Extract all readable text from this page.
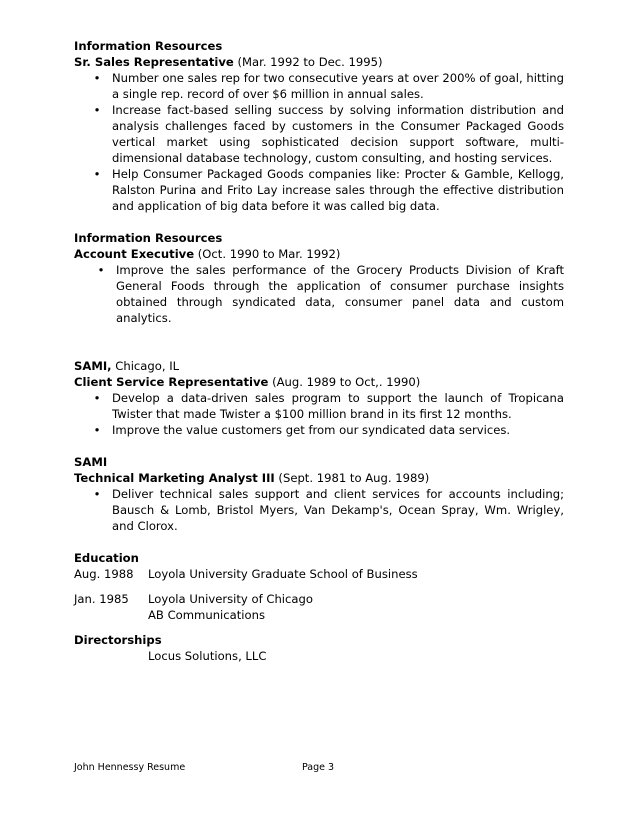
Information Resources
Sr. Sales Representative (Mar. 1992 to Dec. 1995)
• Number one sales rep for two consecutive years at over 200% of goal, hitting a single rep. record of over $6 million in annual sales.
• Increase fact-based selling success by solving information distribution and analysis challenges faced by customers in the Consumer Packaged Goods vertical market using sophisticated decision support software, multi-dimensional database technology, custom consulting, and hosting services.
• Help Consumer Packaged Goods companies like: Procter & Gamble, Kellogg, Ralston Purina and Frito Lay increase sales through the effective distribution and application of big data before it was called big data.
Information Resources
Account Executive (Oct. 1990 to Mar. 1992)
• Improve the sales performance of the Grocery Products Division of Kraft General Foods through the application of consumer purchase insights obtained through syndicated data, consumer panel data and custom analytics.
SAMI, Chicago, IL
Client Service Representative (Aug. 1989 to Oct,. 1990)
• Develop a data-driven sales program to support the launch of Tropicana Twister that made Twister a $100 million brand in its first 12 months.
• Improve the value customers get from our syndicated data services.
SAMI
Technical Marketing Analyst III (Sept. 1981 to Aug. 1989)
• Deliver technical sales support and client services for accounts including; Bausch & Lomb, Bristol Myers, Van Dekamp's, Ocean Spray, Wm. Wrigley, and Clorox.
Education
Aug. 1988	Loyola University Graduate School of Business
Jan. 1985	Loyola University of Chicago
AB Communications
Directorships
Locus Solutions, LLC
John Hennessy Resume	Page 3
